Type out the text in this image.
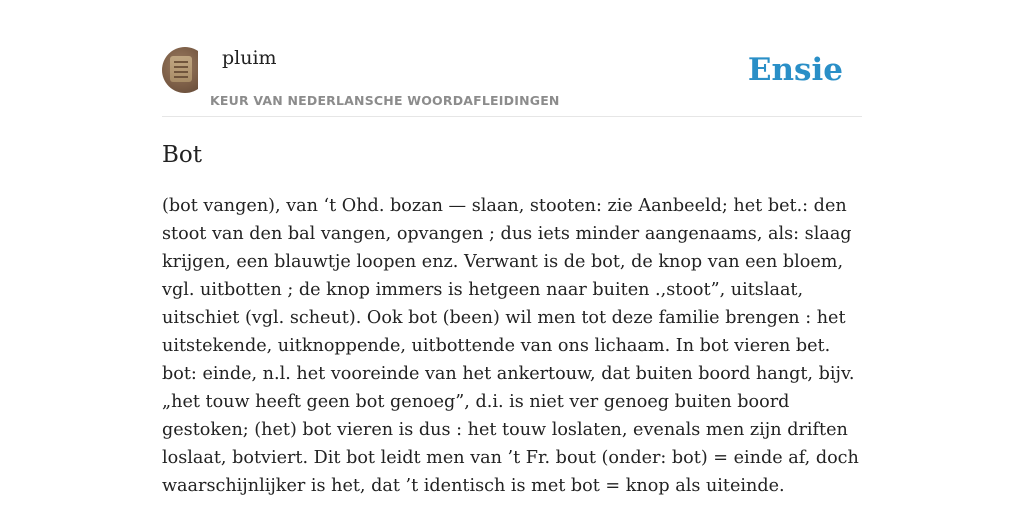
pluim
KEUR VAN NEDERLANSCHE WOORDAFLEIDINGEN
Ensie
Bot

(bot vangen), van ‘t Ohd. bozan — slaan, stooten: zie Aanbeeld; het bet.: den stoot van den bal vangen, opvangen ; dus iets minder aangenaams, als: slaag krijgen, een blauwtje loopen enz. Verwant is de bot, de knop van een bloem, vgl. uitbotten ; de knop immers is hetgeen naar buiten .,stoot”, uitslaat, uitschiet (vgl. scheut). Ook bot (been) wil men tot deze familie brengen : het uitstekende, uitknoppende, uitbottende van ons lichaam. In bot vieren bet. bot: einde, n.l. het vooreinde van het ankertouw, dat buiten boord hangt, bijv. „het touw heeft geen bot genoeg”, d.i. is niet ver genoeg buiten boord gestoken; (het) bot vieren is dus : het touw loslaten, evenals men zijn driften loslaat, botviert. Dit bot leidt men van ’t Fr. bout (onder: bot) = einde af, doch waarschijnlijker is het, dat ’t identisch is met bot = knop als uiteinde.
